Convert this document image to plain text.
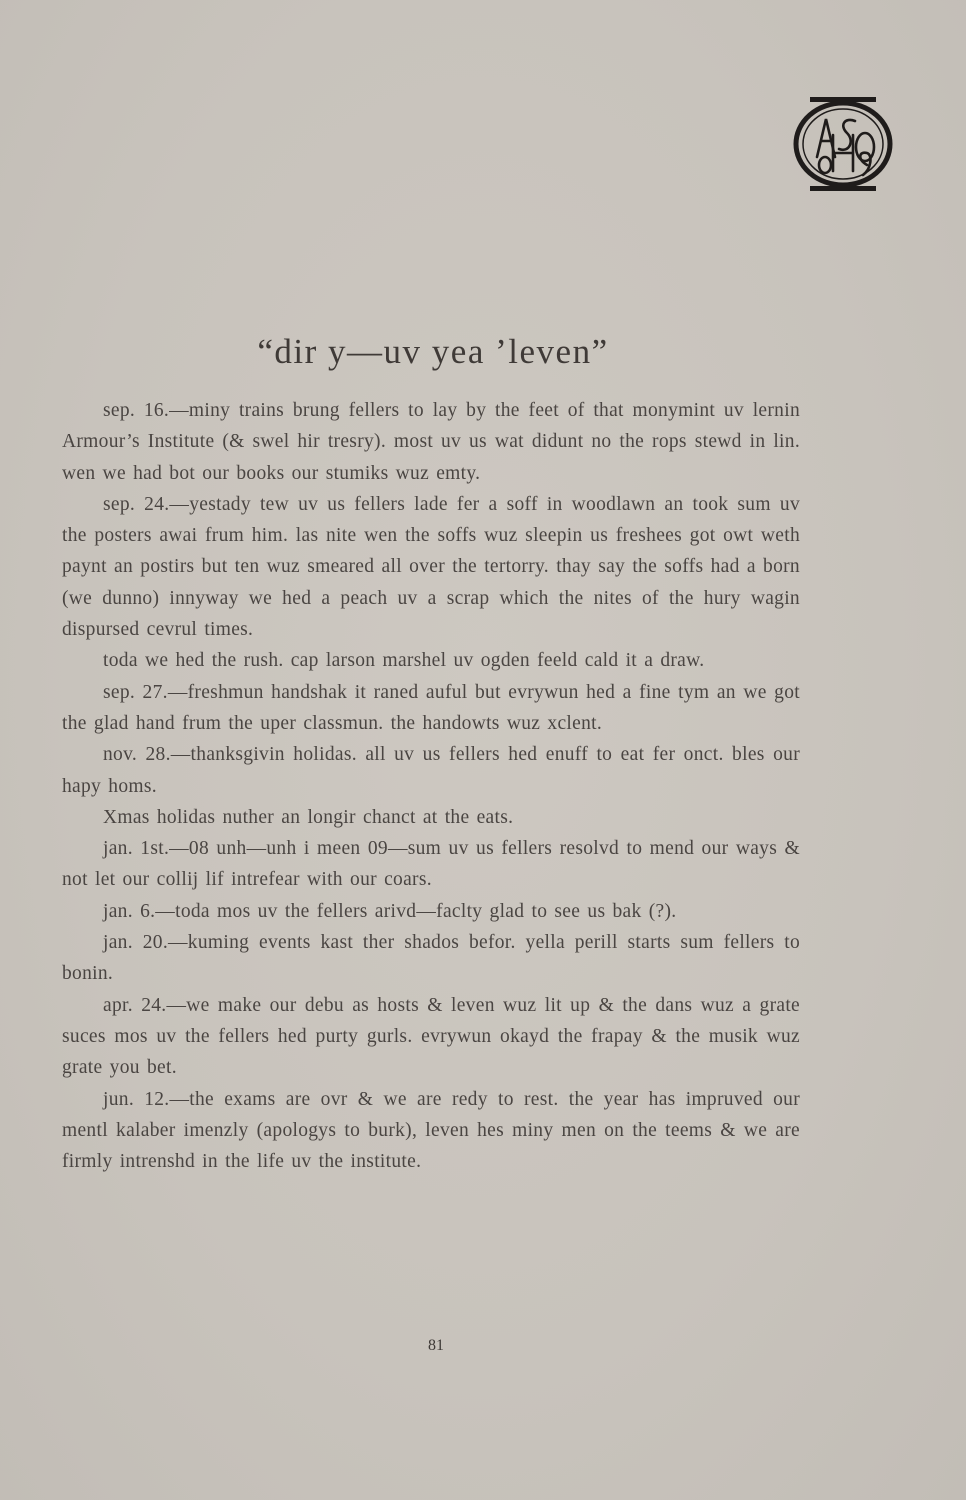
“dir y—uv yea ’leven”

sep. 16.—miny trains brung fellers to lay by the feet of that monymint uv lernin Armour’s Institute (& swel hir tresry). most uv us wat didunt no the rops stewd in lin. wen we had bot our books our stumiks wuz emty.

sep. 24.—yestady tew uv us fellers lade fer a soff in woodlawn an took sum uv the posters awai frum him. las nite wen the soffs wuz sleepin us freshees got owt weth paynt an postirs but ten wuz smeared all over the tertorry. thay say the soffs had a born (we dunno) innyway we hed a peach uv a scrap which the nites of the hury wagin dispursed cevrul times.

toda we hed the rush. cap larson marshel uv ogden feeld cald it a draw.

sep. 27.—freshmun handshak it raned auful but evrywun hed a fine tym an we got the glad hand frum the uper classmun. the handowts wuz xclent.

nov. 28.—thanksgivin holidas. all uv us fellers hed enuff to eat fer onct. bles our hapy homs.

Xmas holidas nuther an longir chanct at the eats.

jan. 1st.—08 unh—unh i meen 09—sum uv us fellers resolvd to mend our ways & not let our collij lif intrefear with our coars.

jan. 6.—toda mos uv the fellers arivd—faclty glad to see us bak (?).

jan. 20.—kuming events kast ther shados befor. yella perill starts sum fellers to bonin.

apr. 24.—we make our debu as hosts & leven wuz lit up & the dans wuz a grate suces mos uv the fellers hed purty gurls. evrywun okayd the frapay & the musik wuz grate you bet.

jun. 12.—the exams are ovr & we are redy to rest. the year has impruved our mentl kalaber imenzly (apologys to burk), leven hes miny men on the teems & we are firmly intrenshd in the life uv the institute.

81
